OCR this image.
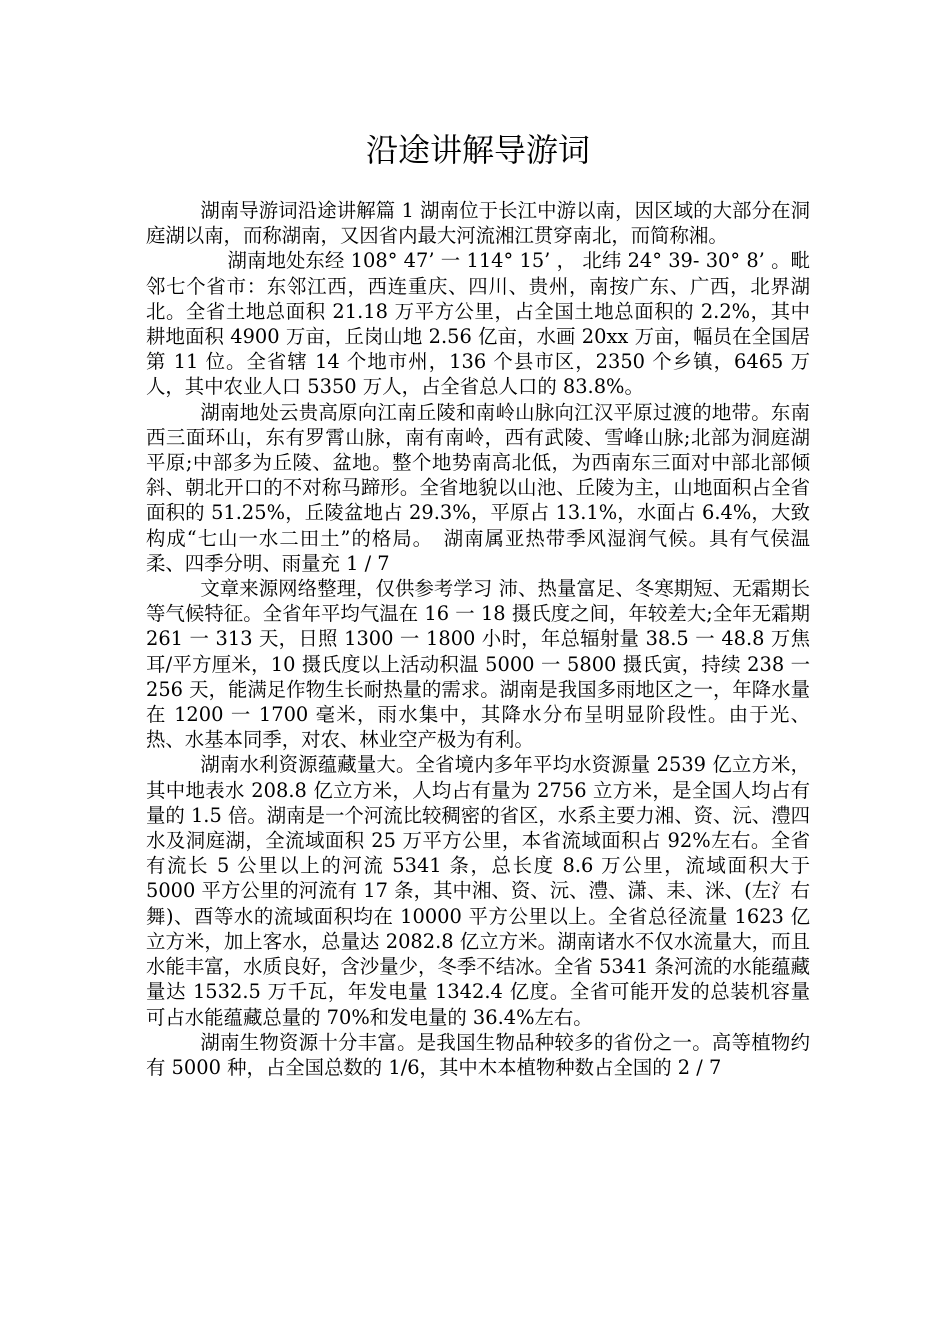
沿途讲解导游词

湖南导游词沿途讲解篇 1 湖南位于长江中游以南，因区域的大部分在洞庭湖以南，而称湖南，又因省内最大河流湘江贯穿南北，而简称湘。

湖南地处东经 108° 47’ 一 114° 15’ ， 北纬 24° 39- 30° 8’ 。毗邻七个省市：东邻江西，西连重庆、四川、贵州，南按广东、广西，北界湖北。全省土地总面积 21.18 万平方公里，占全国土地总面积的 2.2%，其中耕地面积 4900 万亩，丘岗山地 2.56 亿亩，水画 20xx 万亩，幅员在全国居第 11 位。全省辖 14 个地市州，136 个县市区，2350 个乡镇，6465 万人，其中农业人口 5350 万人，占全省总人口的 83.8%。

湖南地处云贵高原向江南丘陵和南岭山脉向江汉平原过渡的地带。东南西三面环山，东有罗霄山脉，南有南岭，西有武陵、雪峰山脉;北部为洞庭湖平原;中部多为丘陵、盆地。整个地势南高北低，为西南东三面对中部北部倾斜、朝北开口的不对称马蹄形。全省地貌以山池、丘陵为主，山地面积占全省面积的 51.25%，丘陵盆地占 29.3%，平原占 13.1%，水面占 6.4%，大致构成“七山一水二田土”的格局。　湖南属亚热带季风湿润气候。具有气侯温柔、四季分明、雨量充 1 / 7

文章来源网络整理，仅供参考学习 沛、热量富足、冬寒期短、无霜期长等气候特征。全省年平均气温在 16 一 18 摄氏度之间，年较差大;全年无霜期 261 一 313 天，日照 1300 一 1800 小时，年总辐射量 38.5 一 48.8 万焦耳/平方厘米，10 摄氏度以上活动积温 5000 一 5800 摄氏寅，持续 238 一 256 天，能满足作物生长耐热量的需求。湖南是我国多雨地区之一，年降水量在 1200 一 1700 毫米，雨水集中，其降水分布呈明显阶段性。由于光、热、水基本同季，对农、林业空产极为有利。

湖南水利资源蕴藏量大。全省境内多年平均水资源量 2539 亿立方米，其中地表水 208.8 亿立方米，人均占有量为 2756 立方米，是全国人均占有量的 1.5 倍。湖南是一个河流比较稠密的省区，水系主要力湘、资、沅、澧四水及洞庭湖，全流域面积 25 万平方公里，本省流域面积占 92%左右。全省有流长 5 公里以上的河流 5341 条，总长度 8.6 万公里，流域面积大于 5000 平方公里的河流有 17 条，其中湘、资、沅、澧、潇、耒、洣、(左氵右舞)、酉等水的流域面积均在 10000 平方公里以上。全省总径流量 1623 亿立方米，加上客水，总量达 2082.8 亿立方米。湖南诸水不仅水流量大，而且水能丰富，水质良好，含沙量少，冬季不结冰。全省 5341 条河流的水能蕴藏量达 1532.5 万千瓦，年发电量 1342.4 亿度。全省可能开发的总装机容量可占水能蕴藏总量的 70%和发电量的 36.4%左右。

湖南生物资源十分丰富。是我国生物品种较多的省份之一。高等植物约有 5000 种，占全国总数的 1/6，其中木本植物种数占全国的 2 / 7
